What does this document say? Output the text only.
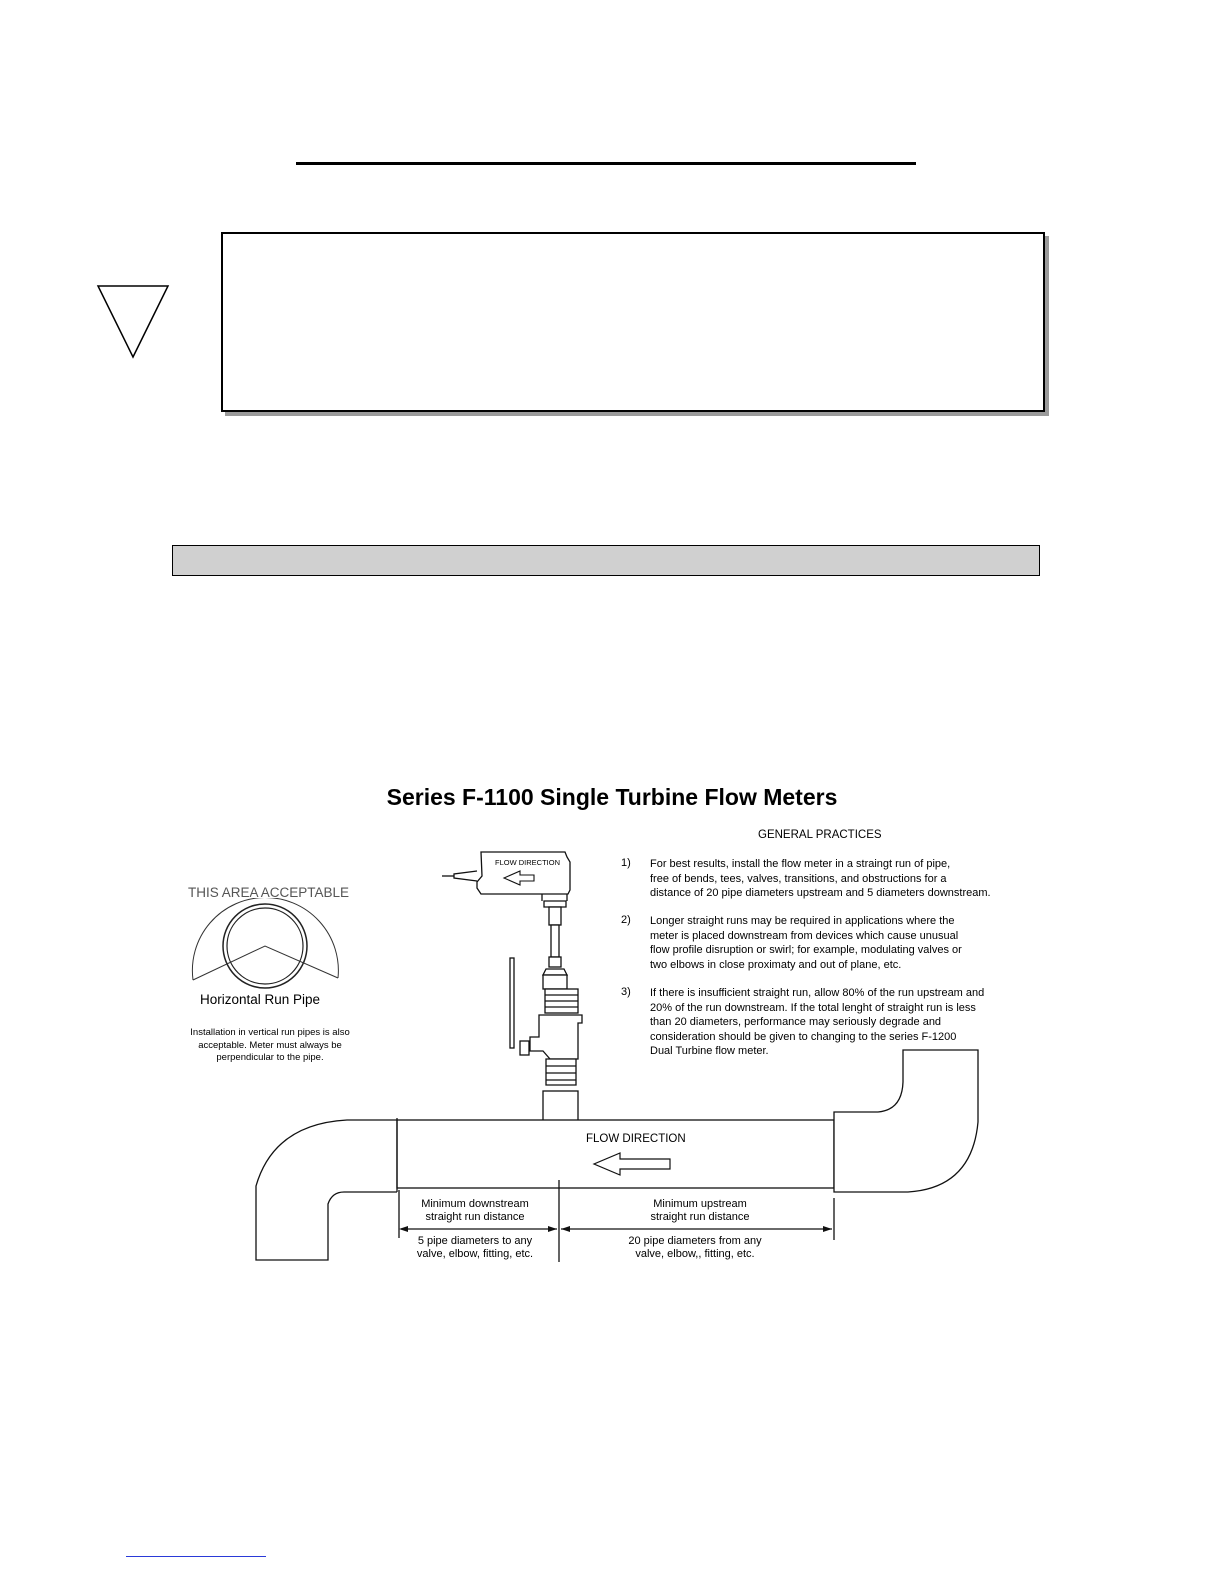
Series F-1100 Single Turbine Flow Meters
GENERAL PRACTICES
1) For best results, install the flow meter in a straingt run of pipe,
free of bends, tees, valves, transitions, and obstructions for a
distance of 20 pipe diameters upstream and 5 diameters downstream.
2) Longer straight runs may be required in applications where the
meter is placed downstream from devices which cause unusual
flow profile disruption or swirl; for example, modulating valves or
two elbows in close proximaty and out of plane, etc.
3) If there is insufficient straight run, allow 80% of the run upstream and
20% of the run downstream. If the total lenght of straight run is less
than 20 diameters, performance may seriously degrade and
consideration should be given to changing to the series F-1200
Dual Turbine flow meter.
THIS AREA ACCEPTABLE
Horizontal Run Pipe
Installation in vertical run pipes is also acceptable. Meter must always be perpendicular to the pipe.
FLOW DIRECTION
FLOW DIRECTION
Minimum downstream
straight run distance
5 pipe diameters to any
valve, elbow, fitting, etc.
Minimum upstream
straight run distance
20 pipe diameters from any
valve, elbow,, fitting, etc.
